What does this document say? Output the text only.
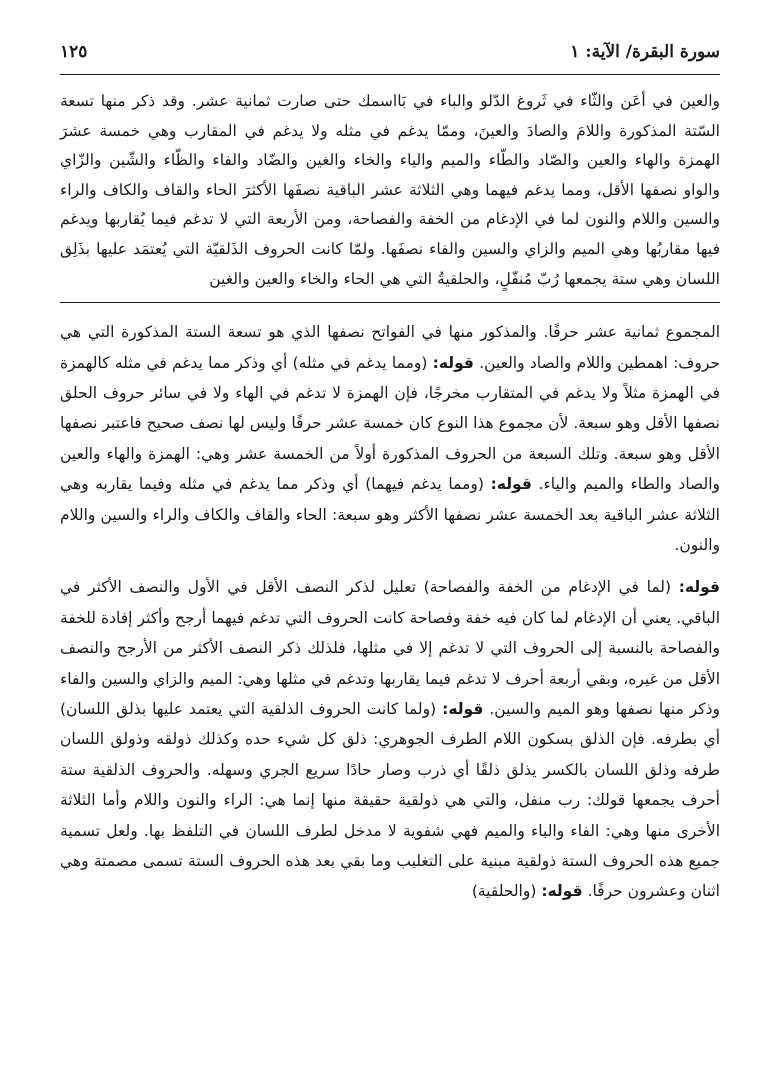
سورة البقرة/ الآية: ١
١٢٥
والعين في أعَن والثّاء في ثَروغ الدّلو والباء في بَااسمك حتى صارت ثمانية عشر. وقد ذكر منها تسعة السّتة المذكورة واللامَ والصادَ والعينَ، وممّا يدغم في مثله ولا يدغم في المقارب وهي خمسة عشرَ الهمزة والهاء والعين والصّاد والطّاء والميم والياء والخاء والغين والضّاد والفاء والظّاء والشّين والزّاي والواو نصفها الأقل، ومما يدغم فيهما وهي الثلاثة عشر الباقية نصفَها الأكثرَ الحاء والقاف والكاف والراء والسين واللام والنون لما في الإدغام من الخفة والفصاحة، ومن الأربعة التي لا تدغم فيما يُقاربها ويدغم فيها مقاربُها وهي الميم والزاي والسين والفاء نصفَها. ولمّا كانت الحروف الذَلقيّة التي يُعتمَد عليها بذَلِق اللسان وهي ستة يجمعها رُبّ مُنفّلٍ، والحلقيةُ التي هي الحاء والخاء والعين والغين

المجموع ثمانية عشر حرفًا. والمذكور منها في الفواتح نصفها الذي هو تسعة الستة المذكورة التي هي حروف: اهمطين واللام والصاد والعين. قوله: (ومما يدغم في مثله) أي وذكر مما يدغم في مثله كالهمزة في الهمزة مثلاً ولا يدغم في المتقارب مخرجًا، فإن الهمزة لا تدغم في الهاء ولا في سائر حروف الحلق نصفها الأقل وهو سبعة. لأن مجموع هذا النوع كان خمسة عشر حرفًا وليس لها نصف صحيح فاعتبر نصفها الأقل وهو سبعة. وتلك السبعة من الحروف المذكورة أولاً من الخمسة عشر وهي: الهمزة والهاء والعين والصاد والطاء والميم والياء. قوله: (ومما يدغم فيهما) أي وذكر مما يدغم في مثله وفيما يقاربه وهي الثلاثة عشر الباقية بعد الخمسة عشر نصفها الأكثر وهو سبعة: الحاء والقاف والكاف والراء والسين واللام والنون.

قوله: (لما في الإدغام من الخفة والفصاحة) تعليل لذكر النصف الأقل في الأول والنصف الأكثر في الباقي. يعني أن الإدغام لما كان فيه خفة وفصاحة كانت الحروف التي تدغم فيهما أرجح وأكثر إفادة للخفة والفصاحة بالنسبة إلى الحروف التي لا تدغم إلا في مثلها، فلذلك ذكر النصف الأكثر من الأرجح والنصف الأقل من غيره، وبقي أربعة أحرف لا تدغم فيما يقاربها وتدغم في مثلها وهي: الميم والزاي والسين والفاء وذكر منها نصفها وهو الميم والسين. قوله: (ولما كانت الحروف الذلقية التي يعتمد عليها بذلق اللسان) أي بطرفه. فإن الذلق بسكون اللام الطرف الجوهري: ذلق كل شيء حده وكذلك ذولقه وذولق اللسان طرفه وذلق اللسان بالكسر يذلق ذلقًا أي ذرب وصار حادًا سريع الجري وسهله. والحروف الذلقية ستة أحرف يجمعها قولك: رب منفل، والتي هي ذولقية حقيقة منها إنما هي: الراء والنون واللام وأما الثلاثة الأخرى منها وهي: الفاء والباء والميم فهي شفوية لا مدخل لطرف اللسان في التلفظ بها. ولعل تسمية جميع هذه الحروف الستة ذولقية مبنية على التغليب وما بقي بعد هذه الحروف الستة تسمى مصمتة وهي اثنان وعشرون حرفًا. قوله: (والحلقية)
